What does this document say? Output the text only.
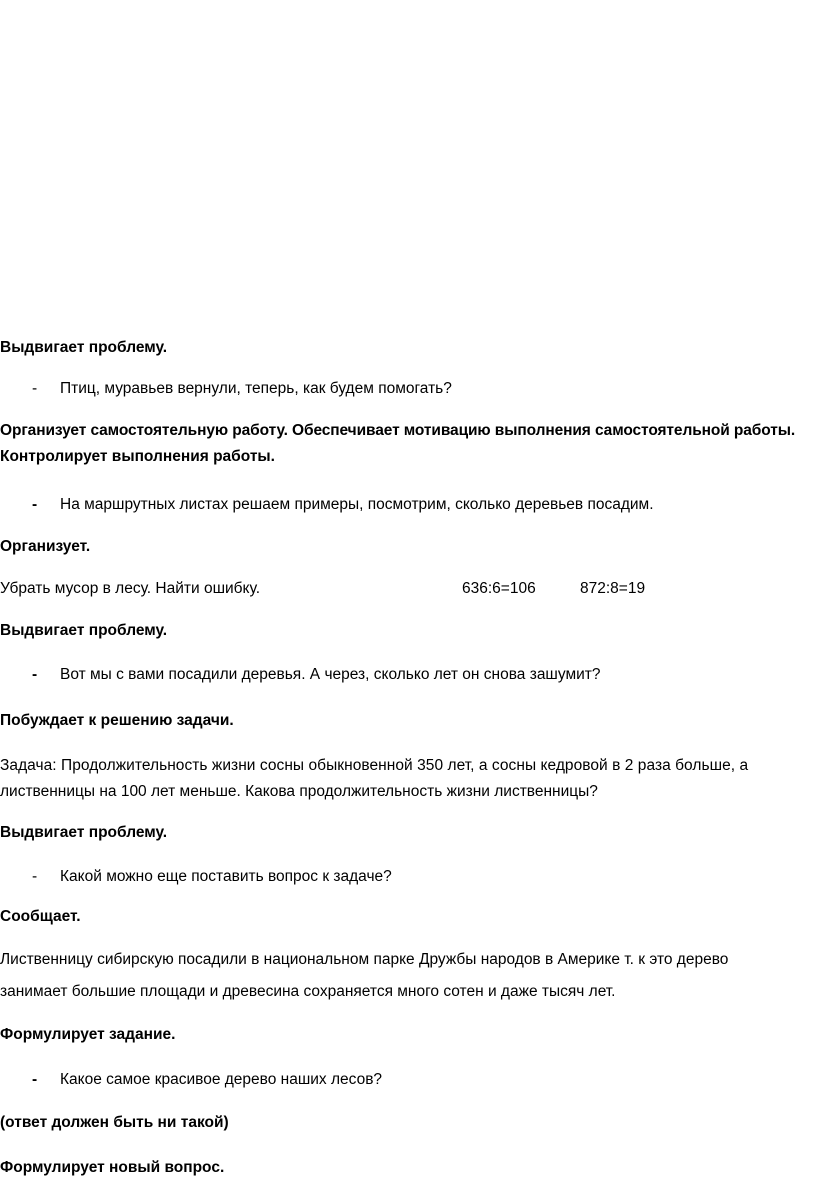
Выдвигает проблему.
- Птиц, муравьев вернули, теперь, как будем помогать?
Организует самостоятельную работу. Обеспечивает мотивацию выполнения самостоятельной работы.
Контролирует выполнения работы.
- На маршрутных листах решаем примеры, посмотрим, сколько деревьев посадим.
Организует.
Убрать мусор в лесу. Найти ошибку.	636:6=106	872:8=19
Выдвигает проблему.
- Вот мы с вами посадили деревья. А через, сколько лет он снова зашумит?
Побуждает к решению задачи.
Задача: Продолжительность жизни сосны обыкновенной 350 лет, а сосны кедровой в 2 раза больше, а
лиственницы на 100 лет меньше. Какова продолжительность жизни лиственницы?
Выдвигает проблему.
- Какой можно еще поставить вопрос к задаче?
Сообщает.
Лиственницу сибирскую посадили в национальном парке Дружбы народов в Америке т. к это дерево
занимает большие площади и древесина сохраняется много сотен и даже тысяч лет.
Формулирует задание.
- Какое самое красивое дерево наших лесов?
(ответ должен быть ни такой)
Формулирует новый вопрос.
